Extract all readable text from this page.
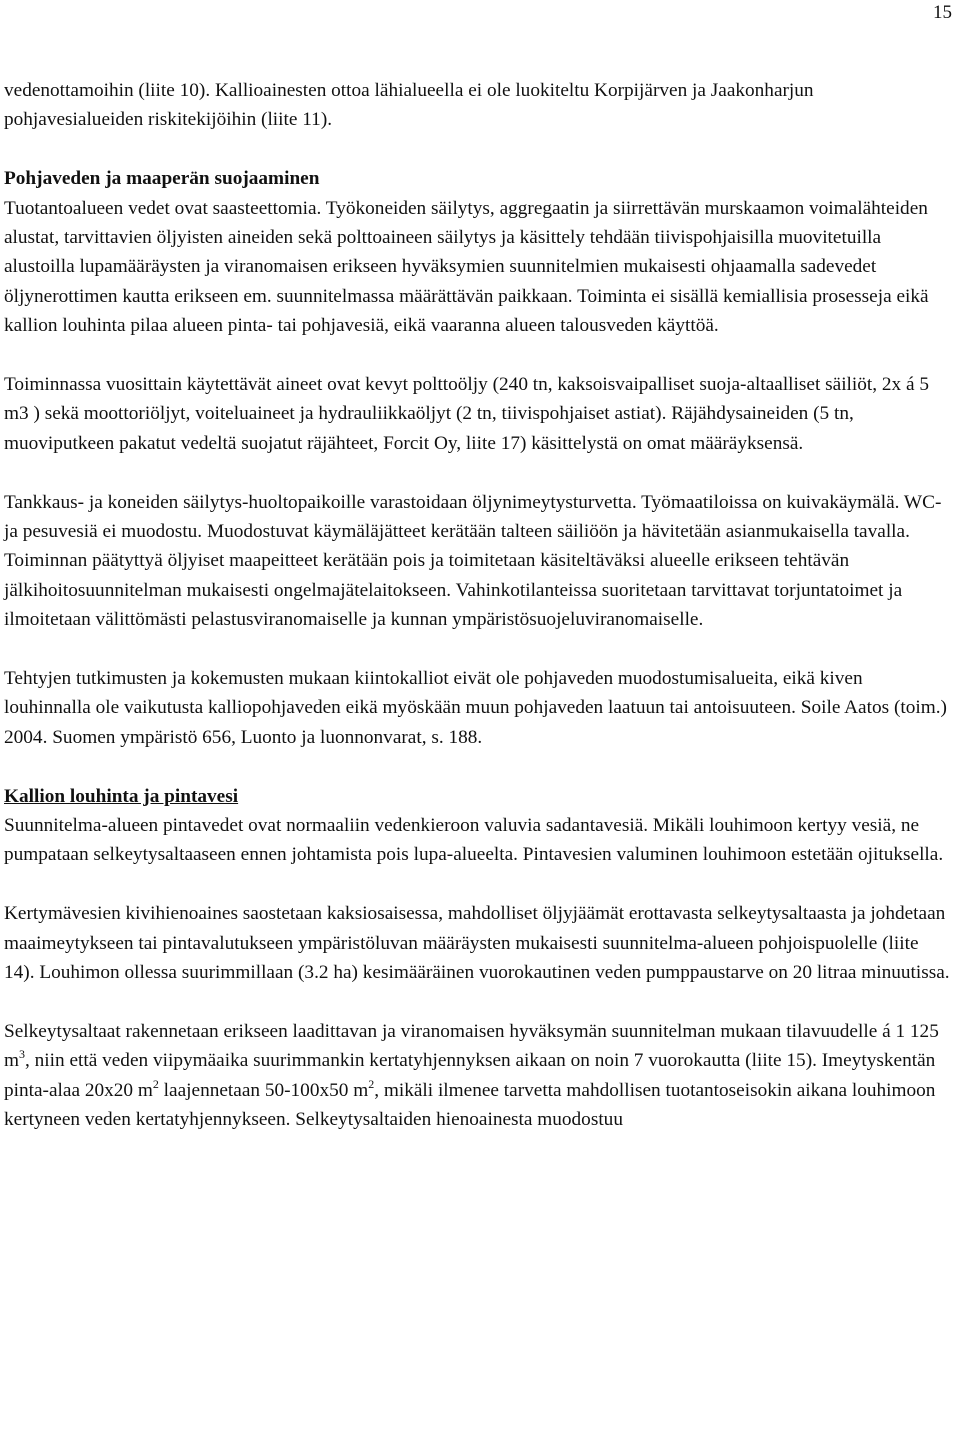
15

vedenottamoihin (liite 10). Kallioainesten ottoa lähialueella ei ole luokiteltu Korpijärven ja Jaakonharjun pohjavesialueiden riskitekijöihin (liite 11).

Pohjaveden ja maaperän suojaaminen
Tuotantoalueen vedet ovat saasteettomia. Työkoneiden säilytys, aggregaatin ja siirrettävän murskaamon voimalähteiden alustat, tarvittavien öljyisten aineiden sekä polttoaineen säilytys ja käsittely tehdään tiivispohjaisilla muovitetuilla alustoilla lupamääräysten ja viranomaisen erikseen hyväksymien suunnitelmien mukaisesti ohjaamalla sadevedet öljynerottimen kautta erikseen em. suunnitelmassa määrättävän paikkaan. Toiminta ei sisällä kemiallisia prosesseja eikä kallion louhinta pilaa alueen pinta- tai pohjavesiä, eikä vaaranna alueen talousveden käyttöä.

Toiminnassa vuosittain käytettävät aineet ovat kevyt polttoöljy (240 tn, kaksoisvaipalliset suoja-altaalliset säiliöt, 2x á 5 m3 ) sekä moottoriöljyt, voiteluaineet ja hydrauliikkaöljyt (2 tn, tiivispohjaiset astiat). Räjähdysaineiden (5 tn, muoviputkeen pakatut vedeltä suojatut räjähteet, Forcit Oy, liite 17) käsittelystä on omat määräyksensä.

Tankkaus- ja koneiden säilytys-huoltopaikoille varastoidaan öljynimeytysturvetta. Työmaatiloissa on kuivakäymälä. WC- ja pesuvesiä ei muodostu. Muodostuvat käymäläjätteet kerätään talteen säiliöön ja hävitetään asianmukaisella tavalla. Toiminnan päätyttyä öljyiset maapeitteet kerätään pois ja toimitetaan käsiteltäväksi alueelle erikseen tehtävän jälkihoitosuunnitelman mukaisesti ongelmajätelaitokseen. Vahinkotilanteissa suoritetaan tarvittavat torjuntatoimet ja ilmoitetaan välittömästi pelastusviranomaiselle ja kunnan ympäristösuojeluviranomaiselle.

Tehtyjen tutkimusten ja kokemusten mukaan kiintokalliot eivät ole pohjaveden muodostumisalueita, eikä kiven louhinnalla ole vaikutusta kalliopohjaveden eikä myöskään muun pohjaveden laatuun tai antoisuuteen. Soile Aatos (toim.) 2004. Suomen ympäristö 656, Luonto ja luonnonvarat, s. 188.

Kallion louhinta ja pintavesi
Suunnitelma-alueen pintavedet ovat normaaliin vedenkieroon valuvia sadantavesiä. Mikäli louhimoon kertyy vesiä, ne pumpataan selkeytysaltaaseen ennen johtamista pois lupa-alueelta. Pintavesien valuminen louhimoon estetään ojituksella.

Kertymävesien kivihienoaines saostetaan kaksiosaisessa, mahdolliset öljyjäämät erottavasta selkeytysaltaasta ja johdetaan maaimeytykseen tai pintavalutukseen ympäristöluvan määräysten mukaisesti suunnitelma-alueen pohjoispuolelle (liite 14). Louhimon ollessa suurimmillaan (3.2 ha) kesimääräinen vuorokautinen veden pumppaustarve on 20 litraa minuutissa.

Selkeytysaltaat rakennetaan erikseen laadittavan ja viranomaisen hyväksymän suunnitelman mukaan tilavuudelle á 1 125 $m^3$, niin että veden viipymäaika suurimmankin kertatyhjennyksen aikaan on noin 7 vuorokautta (liite 15). Imeytyskentän pinta-alaa 20x20 $m^2$ laajennetaan 50-100x50 $m^2$, mikäli ilmenee tarvetta mahdollisen tuotantoseisokin aikana louhimoon kertyneen veden kertatyhjennykseen. Selkeytysaltaiden hienoainesta muodostuu
